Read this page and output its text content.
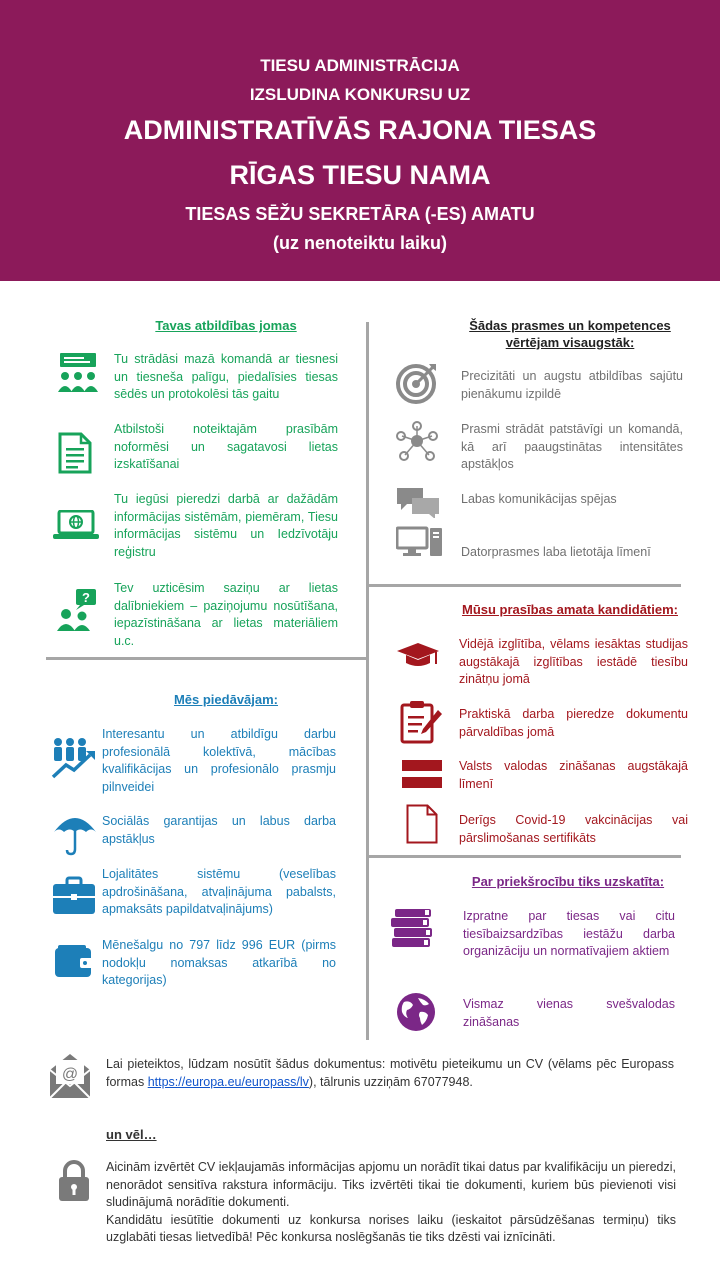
TIESU ADMINISTRĀCIJA
IZSLUDINA KONKURSU UZ
ADMINISTRATĪVĀS RAJONA TIESAS
RĪGAS TIESU NAMA
TIESAS SĒŽU SEKRETĀRA (-ES) AMATU
(uz nenoteiktu laiku)
Tavas atbildības jomas
Tu strādāsi mazā komandā ar tiesnesi un tiesneša palīgu, piedalīsies tiesas sēdēs un protokolēsi tās gaitu
Atbilstoši noteiktajām prasībām noformēsi un sagatavosi lietas izskatīšanai
Tu iegūsi pieredzi darbā ar dažādām informācijas sistēmām, piemēram, Tiesu informācijas sistēmu un Iedzīvotāju reģistru
?
Tev uzticēsim saziņu ar lietas dalībniekiem – paziņojumu nosūtīšana, iepazīstināšana ar lietas materiāliem u.c.
Mēs piedāvājam:
Interesantu un atbildīgu darbu profesionālā kolektīvā, mācības kvalifikācijas un profesionālo prasmju pilnveidei
Sociālās garantijas un labus darba apstākļus
Lojalitātes sistēmu (veselības apdrošināšana, atvaļinājuma pabalsts, apmaksāts papildatvaļinājums)
Mēnešalgu no 797 līdz 996 EUR (pirms nodokļu nomaksas atkarībā no kategorijas)
Šādas prasmes un kompetences vērtējam visaugstāk:
Precizitāti un augstu atbildības sajūtu pienākumu izpildē
Prasmi strādāt patstāvīgi un komandā, kā arī paaugstinātas intensitātes apstākļos
Labas komunikācijas spējas
Datorprasmes laba lietotāja līmenī
Mūsu prasības amata kandidātiem:
Vidējā izglītība, vēlams iesāktas studijas augstākajā izglītības iestādē tiesību zinātņu jomā
Praktiskā darba pieredze dokumentu pārvaldības jomā
Valsts valodas zināšanas augstākajā līmenī
Derīgs Covid-19 vakcinācijas vai pārslimošanas sertifikāts
Par priekšrocību tiks uzskatīta:
Izpratne par tiesas vai citu tiesībaizsardzības iestāžu darba organizāciju un normatīvajiem aktiem
Vismaz vienas svešvalodas zināšanas
@
Lai pieteiktos, lūdzam nosūtīt šādus dokumentus: motivētu pieteikumu un CV (vēlams pēc Europass formas https://europa.eu/europass/lv), tālrunis uzziņām 67077948.
un vēl…
Aicinām izvērtēt CV iekļaujamās informācijas apjomu un norādīt tikai datus par kvalifikāciju un pieredzi, nenorādot sensitīva rakstura informāciju. Tiks izvērtēti tikai tie dokumenti, kuriem būs pievienoti visi sludinājumā norādītie dokumenti.
Kandidātu iesūtītie dokumenti uz konkursa norises laiku (ieskaitot pārsūdzēšanas termiņu) tiks uzglabāti tiesas lietvedībā! Pēc konkursa noslēgšanās tie tiks dzēsti vai iznīcināti.
